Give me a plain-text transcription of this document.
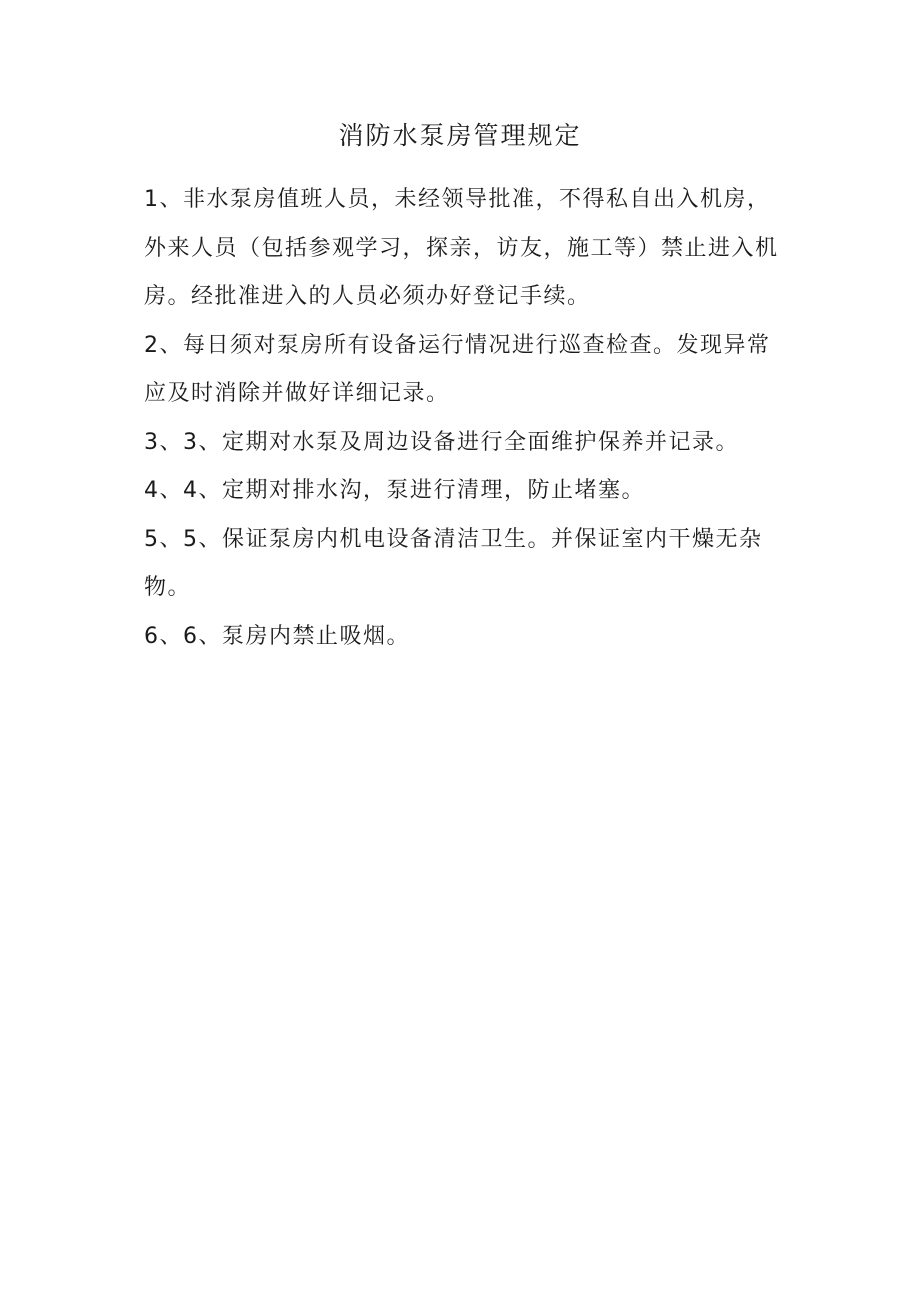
消防水泵房管理规定

1、非水泵房值班人员，未经领导批准，不得私自出入机房，外来人员（包括参观学习，探亲，访友，施工等）禁止进入机房。经批准进入的人员必须办好登记手续。

2、每日须对泵房所有设备运行情况进行巡查检查。发现异常应及时消除并做好详细记录。

3、3、定期对水泵及周边设备进行全面维护保养并记录。

4、4、定期对排水沟，泵进行清理，防止堵塞。

5、5、保证泵房内机电设备清洁卫生。并保证室内干燥无杂物。

6、6、泵房内禁止吸烟。
